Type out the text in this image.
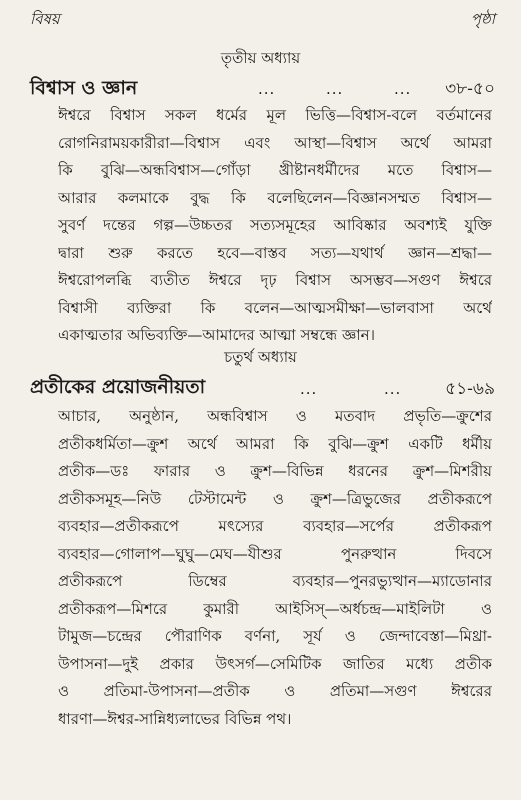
বিষয়	পৃষ্ঠা
তৃতীয় অধ্যায়
বিশ্বাস ও জ্ঞান	...	...	... ৩৮-৫০
ঈশ্বরে বিশ্বাস সকল ধর্মের মূল ভিত্তি—বিশ্বাস-বলে বর্তমানের
রোগনিরাময়কারীরা—বিশ্বাস এবং আস্থা—বিশ্বাস অর্থে আমরা
কি বুঝি—অন্ধবিশ্বাস—গোঁড়া খ্রীষ্টানধর্মীদের মতে বিশ্বাস—
আরার কলমাকে বুদ্ধ কি বলেছিলেন—বিজ্ঞানসম্মত বিশ্বাস—
সুবর্ণ দন্তের গল্প—উচ্চতর সত্যসমূহের আবিষ্কার অবশ্যই যুক্তি
দ্বারা শুরু করতে হবে—বাস্তব সত্য—যথার্থ জ্ঞান—শ্রদ্ধা—
ঈশ্বরোপলব্ধি ব্যতীত ঈশ্বরে দৃঢ় বিশ্বাস অসম্ভব—সগুণ ঈশ্বরে
বিশ্বাসী ব্যক্তিরা কি বলেন—আত্মসমীক্ষা—ভালবাসা অর্থে
একাত্মতার অভিব্যক্তি—আমাদের আত্মা সম্বন্ধে জ্ঞান।
চতুর্থ অধ্যায়
প্রতীকের প্রয়োজনীয়তা	...	...	৫১-৬৯
আচার, অনুষ্ঠান, অন্ধবিশ্বাস ও মতবাদ প্রভৃতি—ক্রুশের
প্রতীকধর্মিতা—ক্রুশ অর্থে আমরা কি বুঝি—ক্রুশ একটি ধর্মীয়
প্রতীক—ডঃ ফারার ও ক্রুশ—বিভিন্ন ধরনের ক্রুশ—মিশরীয়
প্রতীকসমূহ—নিউ টেস্টামেন্ট ও ক্রুশ—ত্রিভুজের প্রতীকরূপে
ব্যবহার—প্রতীকরূপে মৎস্যের ব্যবহার—সর্পের প্রতীকরূপ
ব্যবহার—গোলাপ—ঘুঘু—মেঘ—যীশুর পুনরুত্থান দিবসে
প্রতীকরূপে ডিম্বের ব্যবহার—পুনরভ্যুত্থান—ম্যাডোনার
প্রতীকরূপ—মিশরে কুমারী আইসিস্—অর্ধচন্দ্র—মাইলিটা ও
টামুজ—চন্দ্রের পৌরাণিক বর্ণনা, সূর্য ও জেন্দাবেস্তা—মিথ্রা-
উপাসনা—দুই প্রকার উৎসর্গ—সেমিটিক জাতির মধ্যে প্রতীক
ও প্রতিমা-উপাসনা—প্রতীক ও প্রতিমা—সগুণ ঈশ্বরের
ধারণা—ঈশ্বর-সান্নিধ্যলাভের বিভিন্ন পথ।
